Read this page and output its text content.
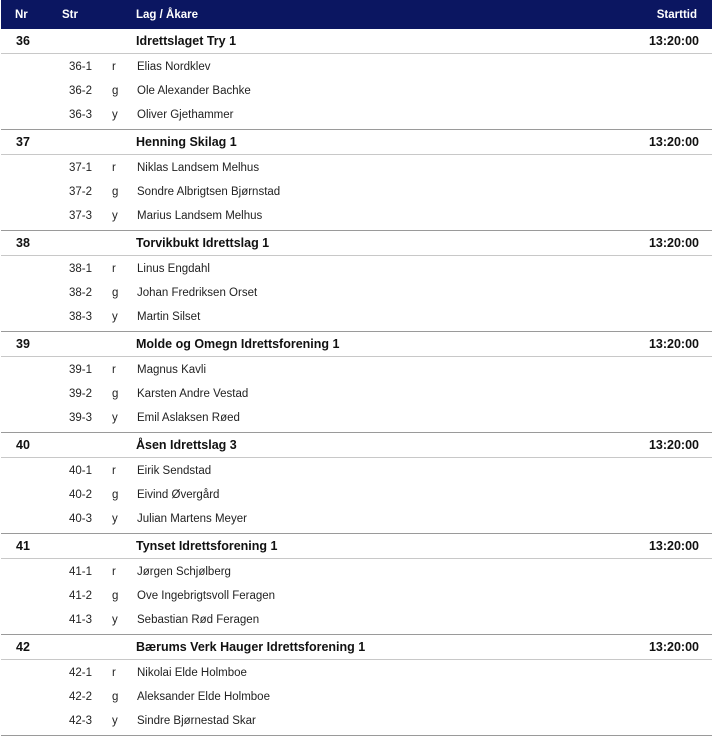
Nr	Str	Lag / Åkare	Starttid
36	Idrettslaget Try 1	13:20:00
36-1 r Elias Nordklev
36-2 g Ole Alexander Bachke
36-3 y Oliver Gjethammer
37	Henning Skilag 1	13:20:00
37-1 r Niklas Landsem Melhus
37-2 g Sondre Albrigtsen Bjørnstad
37-3 y Marius Landsem Melhus
38	Torvikbukt Idrettslag 1	13:20:00
38-1 r Linus Engdahl
38-2 g Johan Fredriksen Orset
38-3 y Martin Silset
39	Molde og Omegn Idrettsforening 1	13:20:00
39-1 r Magnus Kavli
39-2 g Karsten Andre Vestad
39-3 y Emil Aslaksen Røed
40	Åsen Idrettslag 3	13:20:00
40-1 r Eirik Sendstad
40-2 g Eivind Øvergård
40-3 y Julian Martens Meyer
41	Tynset Idrettsforening 1	13:20:00
41-1 r Jørgen Schjølberg
41-2 g Ove Ingebrigtsvoll Feragen
41-3 y Sebastian Rød Feragen
42	Bærums Verk Hauger Idrettsforening 1	13:20:00
42-1 r Nikolai Elde Holmboe
42-2 g Aleksander Elde Holmboe
42-3 y Sindre Bjørnestad Skar
